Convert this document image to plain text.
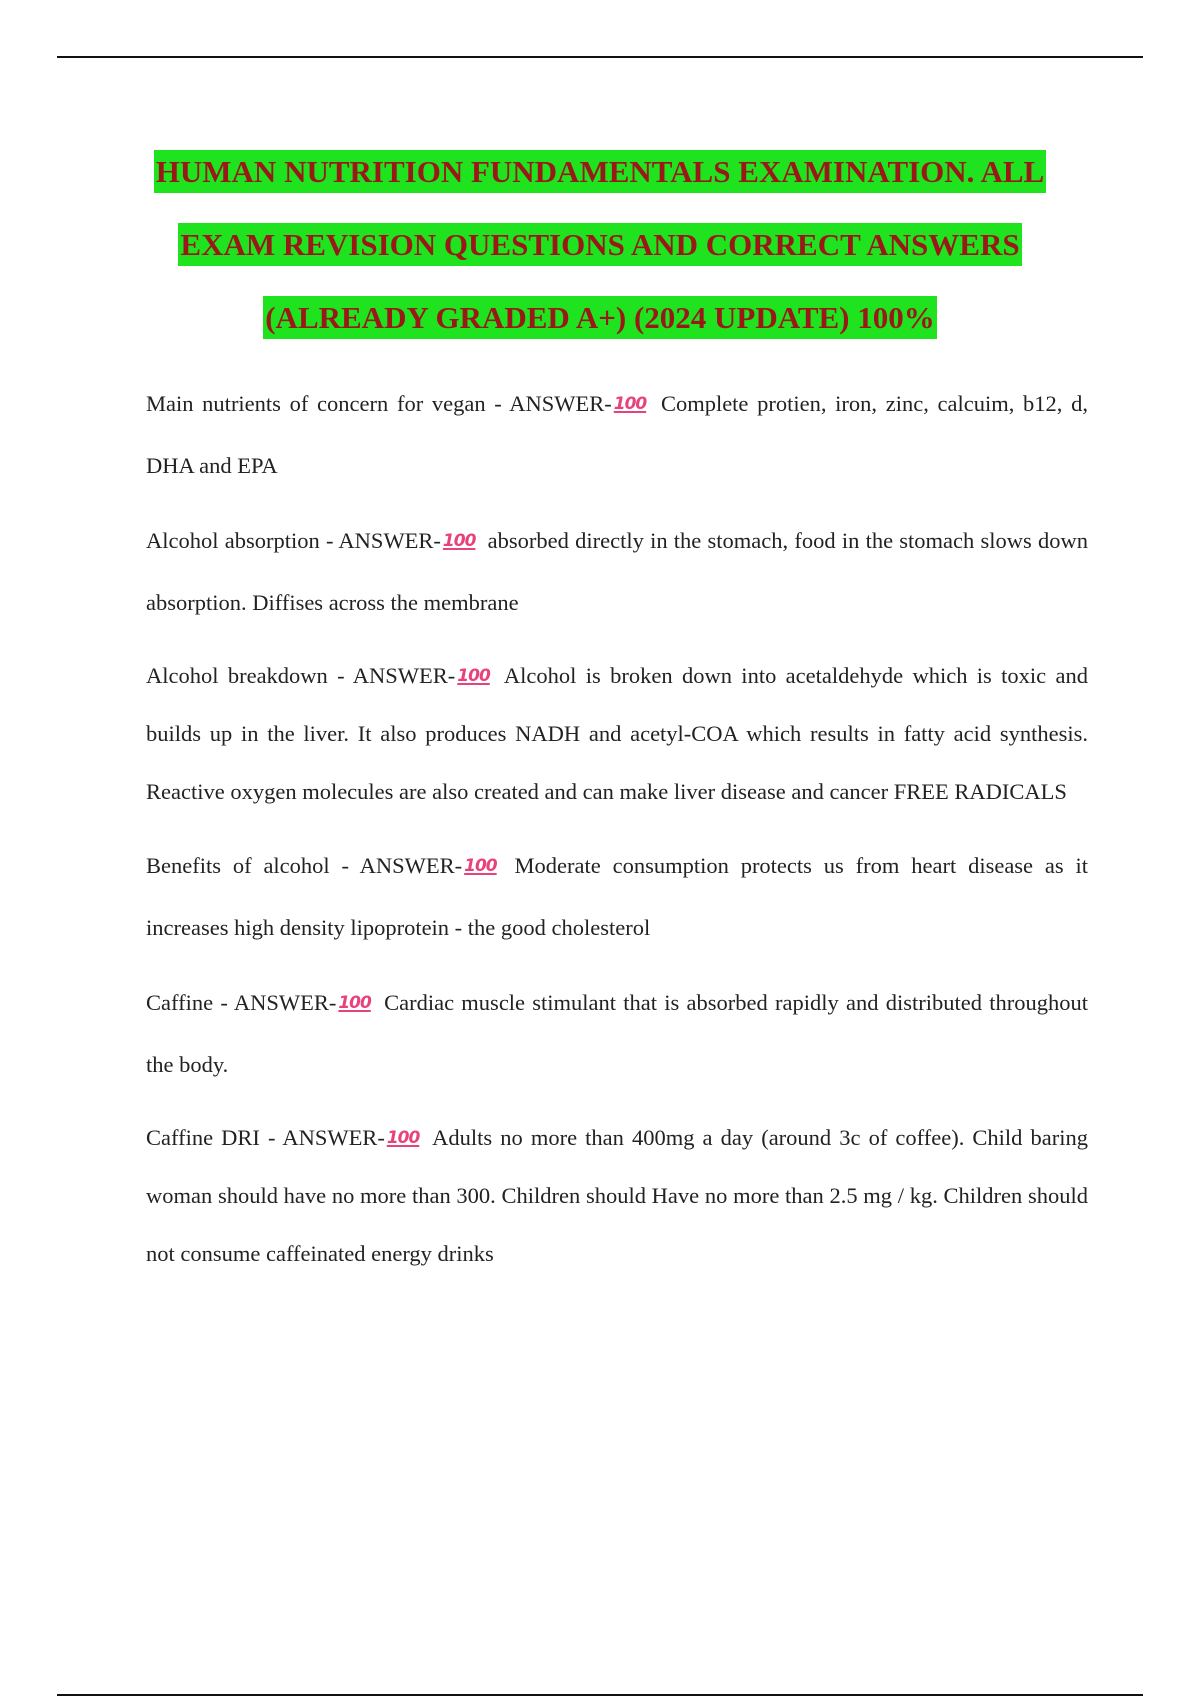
HUMAN NUTRITION FUNDAMENTALS EXAMINATION. ALL
EXAM REVISION QUESTIONS AND CORRECT ANSWERS
(ALREADY GRADED A+) (2024 UPDATE) 100%

Main nutrients of concern for vegan - ANSWER- 100 Complete protien, iron, zinc, calcuim, b12, d, DHA and EPA

Alcohol absorption - ANSWER- 100 absorbed directly in the stomach, food in the stomach slows down absorption. Diffises across the membrane

Alcohol breakdown - ANSWER- 100 Alcohol is broken down into acetaldehyde which is toxic and builds up in the liver. It also produces NADH and acetyl-COA which results in fatty acid synthesis. Reactive oxygen molecules are also created and can make liver disease and cancer FREE RADICALS

Benefits of alcohol - ANSWER- 100 Moderate consumption protects us from heart disease as it increases high density lipoprotein - the good cholesterol

Caffine - ANSWER- 100 Cardiac muscle stimulant that is absorbed rapidly and distributed throughout the body.

Caffine DRI - ANSWER- 100 Adults no more than 400mg a day (around 3c of coffee). Child baring woman should have no more than 300. Children should Have no more than 2.5 mg / kg. Children should not consume caffeinated energy drinks
